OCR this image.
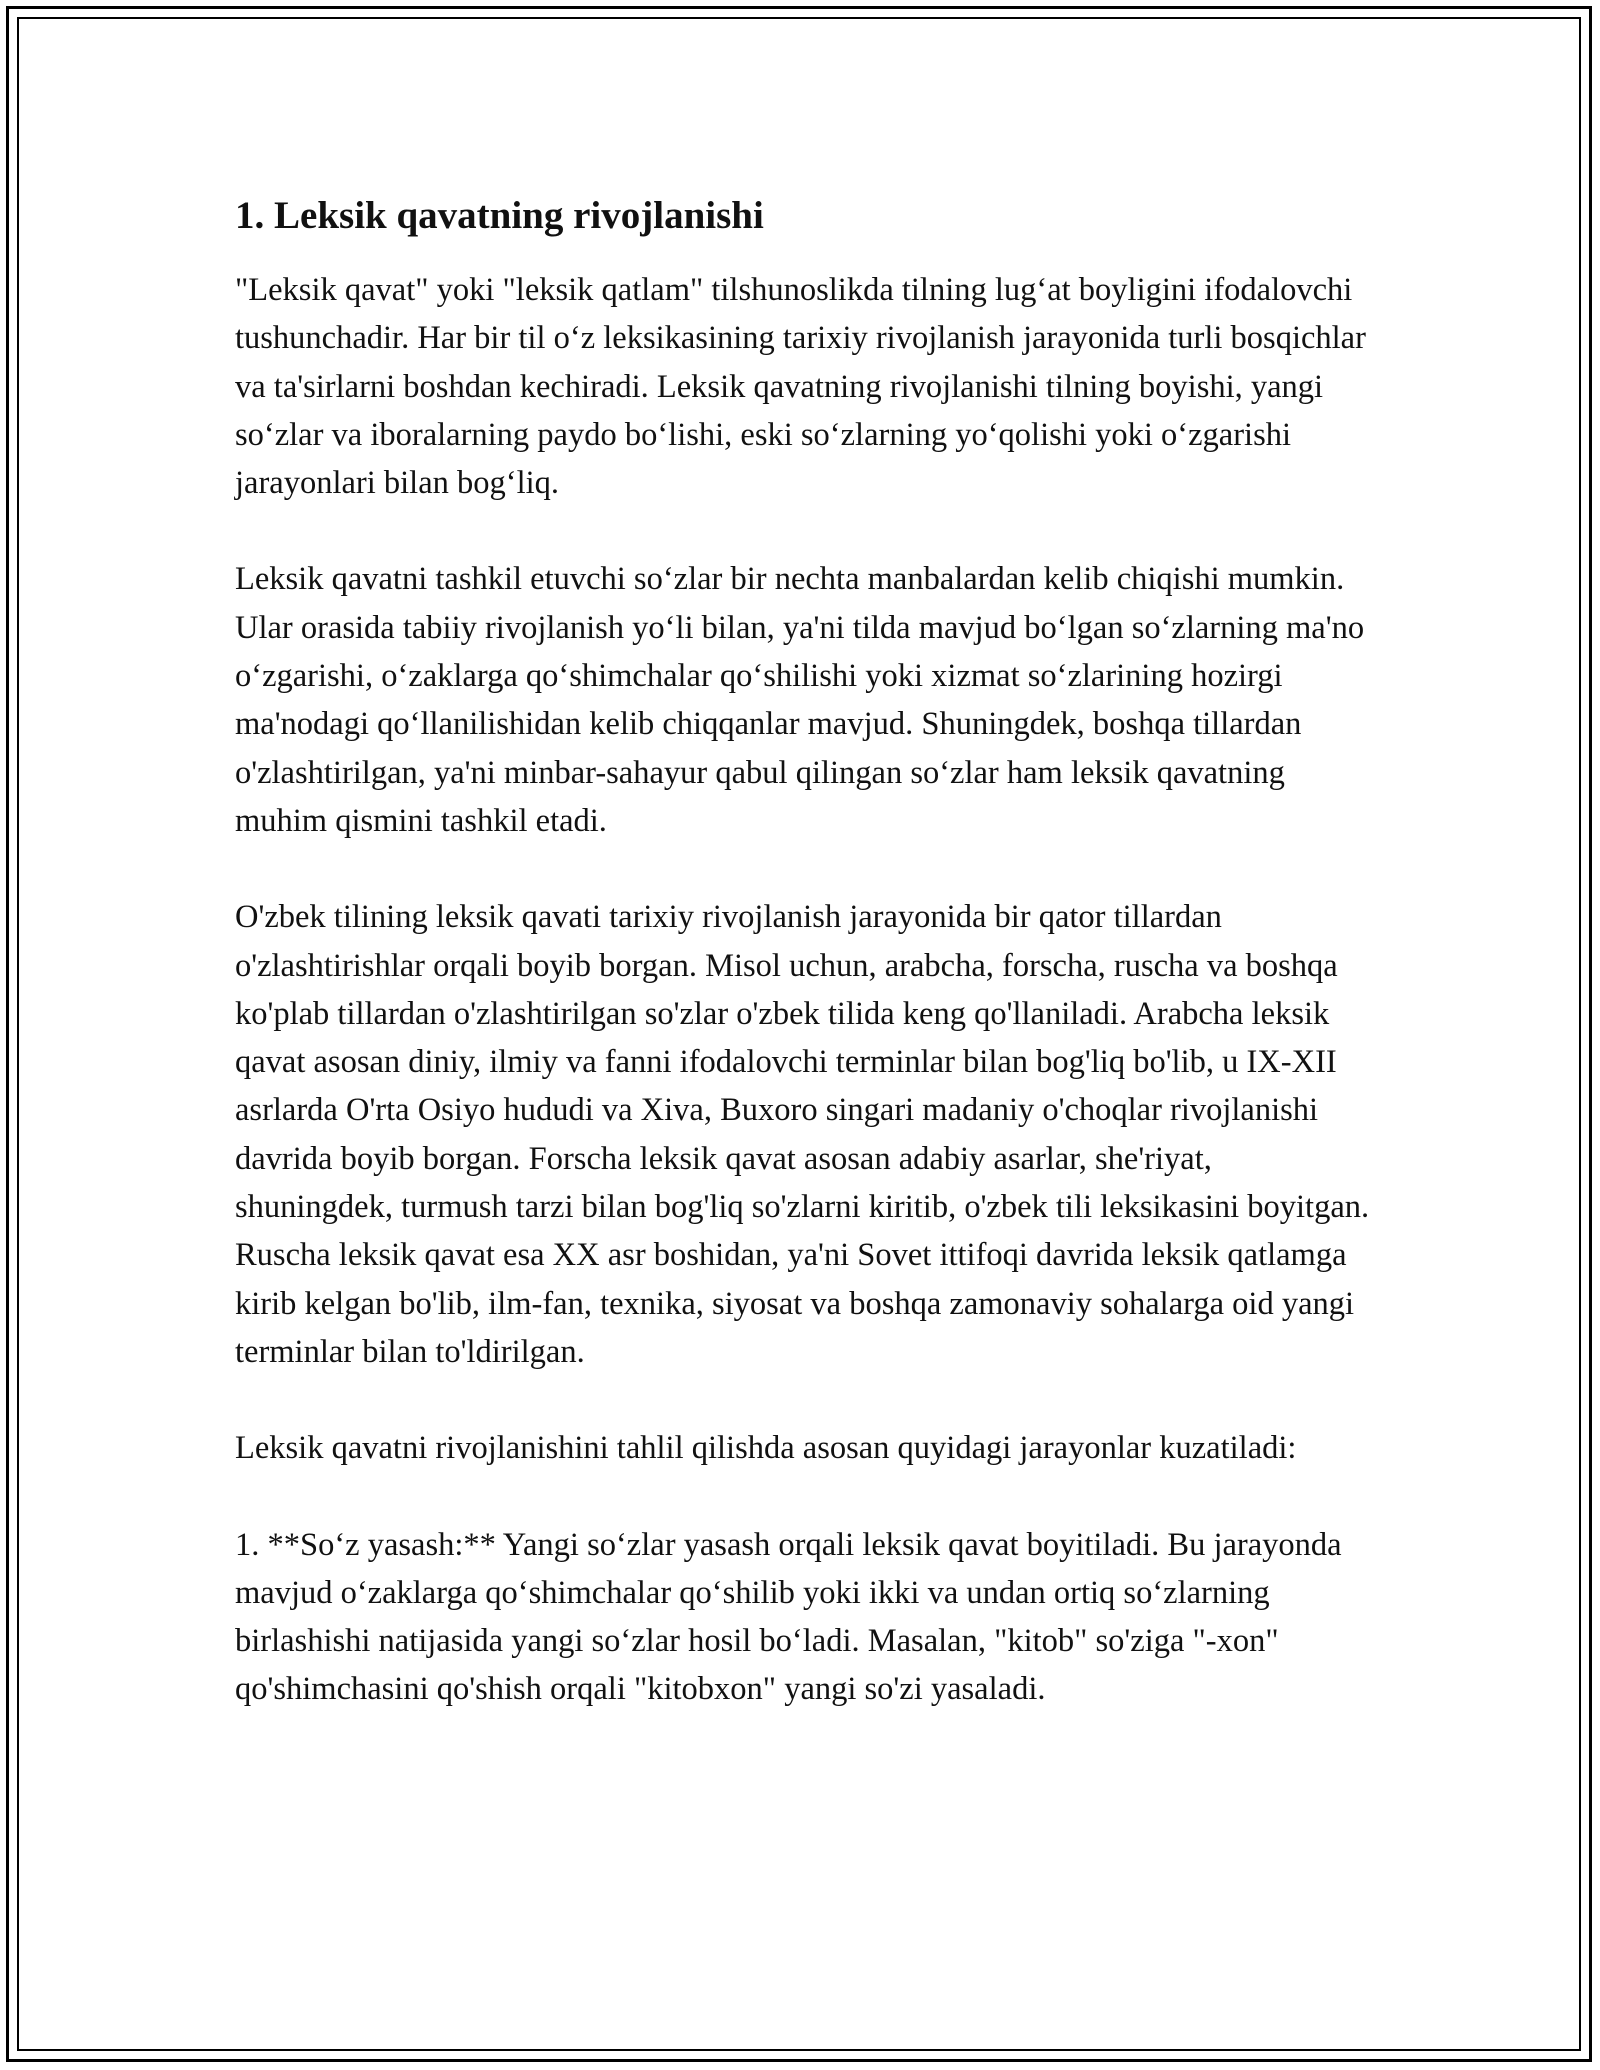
1. Leksik qavatning rivojlanishi

"Leksik qavat" yoki "leksik qatlam" tilshunoslikda tilning lug‘at boyligini ifodalovchi tushunchadir. Har bir til o‘z leksikasining tarixiy rivojlanish jarayonida turli bosqichlar va ta'sirlarni boshdan kechiradi. Leksik qavatning rivojlanishi tilning boyishi, yangi so‘zlar va iboralarning paydo bo‘lishi, eski so‘zlarning yo‘qolishi yoki o‘zgarishi jarayonlari bilan bog‘liq.

Leksik qavatni tashkil etuvchi so‘zlar bir nechta manbalardan kelib chiqishi mumkin. Ular orasida tabiiy rivojlanish yo‘li bilan, ya'ni tilda mavjud bo‘lgan so‘zlarning ma'no o‘zgarishi, o‘zaklarga qo‘shimchalar qo‘shilishi yoki xizmat so‘zlarining hozirgi ma'nodagi qo‘llanilishidan kelib chiqqanlar mavjud. Shuningdek, boshqa tillardan o'zlashtirilgan, ya'ni minbar-sahayur qabul qilingan so‘zlar ham leksik qavatning muhim qismini tashkil etadi.

O'zbek tilining leksik qavati tarixiy rivojlanish jarayonida bir qator tillardan o'zlashtirishlar orqali boyib borgan. Misol uchun, arabcha, forscha, ruscha va boshqa ko'plab tillardan o'zlashtirilgan so'zlar o'zbek tilida keng qo'llaniladi. Arabcha leksik qavat asosan diniy, ilmiy va fanni ifodalovchi terminlar bilan bog'liq bo'lib, u IX-XII asrlarda O'rta Osiyo hududi va Xiva, Buxoro singari madaniy o'choqlar rivojlanishi davrida boyib borgan. Forscha leksik qavat asosan adabiy asarlar, she'riyat, shuningdek, turmush tarzi bilan bog'liq so'zlarni kiritib, o'zbek tili leksikasini boyitgan. Ruscha leksik qavat esa XX asr boshidan, ya'ni Sovet ittifoqi davrida leksik qatlamga kirib kelgan bo'lib, ilm-fan, texnika, siyosat va boshqa zamonaviy sohalarga oid yangi terminlar bilan to'ldirilgan.

Leksik qavatni rivojlanishini tahlil qilishda asosan quyidagi jarayonlar kuzatiladi:

1. **So‘z yasash:** Yangi so‘zlar yasash orqali leksik qavat boyitiladi. Bu jarayonda mavjud o‘zaklarga qo‘shimchalar qo‘shilib yoki ikki va undan ortiq so‘zlarning birlashishi natijasida yangi so‘zlar hosil bo‘ladi. Masalan, "kitob" so'ziga "-xon" qo'shimchasini qo'shish orqali "kitobxon" yangi so'zi yasaladi.
